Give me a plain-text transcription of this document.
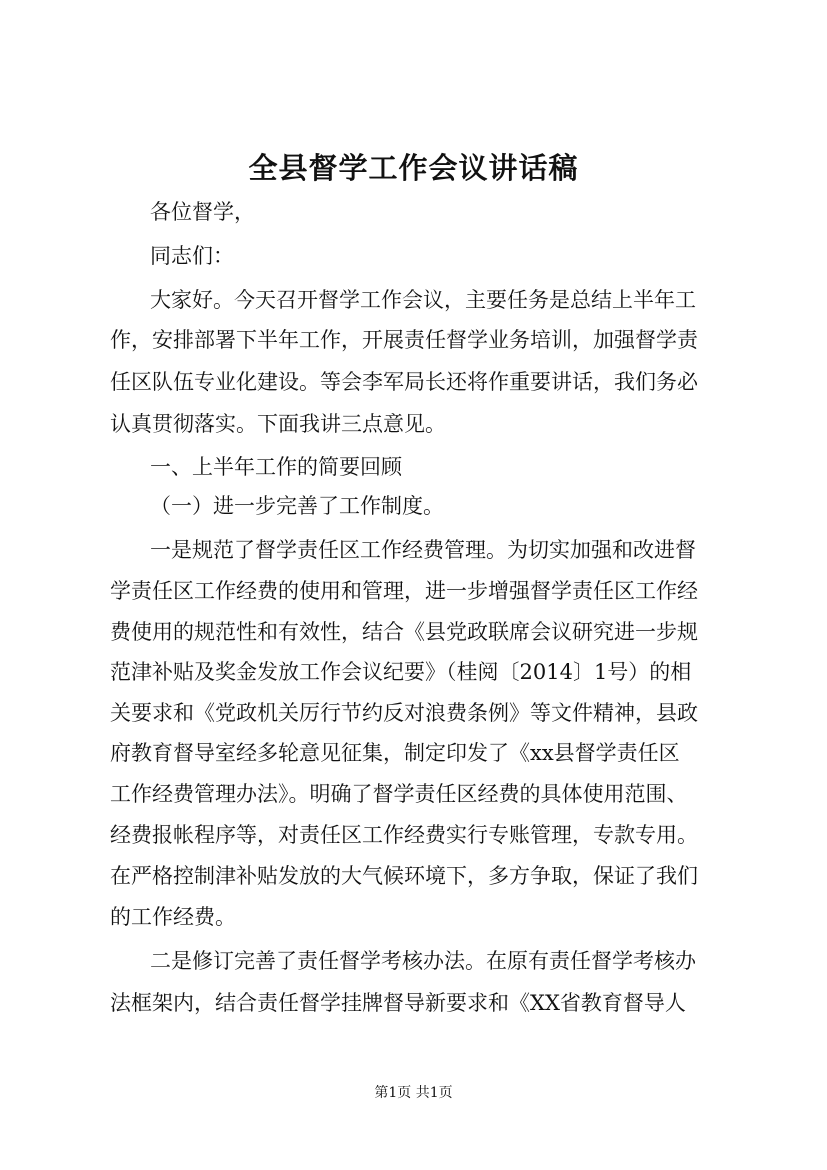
全县督学工作会议讲话稿
各位督学，
同志们：
大家好。今天召开督学工作会议，主要任务是总结上半年工
作，安排部署下半年工作，开展责任督学业务培训，加强督学责
任区队伍专业化建设。等会李军局长还将作重要讲话，我们务必
认真贯彻落实。下面我讲三点意见。
一、上半年工作的简要回顾
（一）进一步完善了工作制度。
一是规范了督学责任区工作经费管理。为切实加强和改进督
学责任区工作经费的使用和管理，进一步增强督学责任区工作经
费使用的规范性和有效性，结合《县党政联席会议研究进一步规
范津补贴及奖金发放工作会议纪要》（桂阅〔2014〕1号）的相
关要求和《党政机关厉行节约反对浪费条例》等文件精神，县政
府教育督导室经多轮意见征集，制定印发了《xx县督学责任区
工作经费管理办法》。明确了督学责任区经费的具体使用范围、
经费报帐程序等，对责任区工作经费实行专账管理，专款专用。
在严格控制津补贴发放的大气候环境下，多方争取，保证了我们
的工作经费。
二是修订完善了责任督学考核办法。在原有责任督学考核办
法框架内，结合责任督学挂牌督导新要求和《XX省教育督导人
第1页 共1页
